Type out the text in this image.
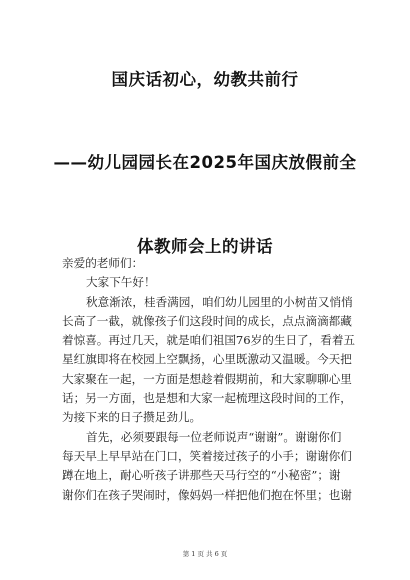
国庆话初心，幼教共前行
——幼儿园园长在2025年国庆放假前全
体教师会上的讲话
亲爱的老师们：
大家下午好！
秋意渐浓，桂香满园，咱们幼儿园里的小树苗又悄悄
长高了一截，就像孩子们这段时间的成长，点点滴滴都藏
着惊喜。再过几天，就是咱们祖国76岁的生日了，看着五
星红旗即将在校园上空飘扬，心里既激动又温暖。今天把
大家聚在一起，一方面是想趁着假期前，和大家聊聊心里
话；另一方面，也是想和大家一起梳理这段时间的工作，
为接下来的日子攒足劲儿。
首先，必须要跟每一位老师说声“谢谢”。谢谢你们
每天早上早早站在门口，笑着接过孩子的小手；谢谢你们
蹲在地上，耐心听孩子讲那些天马行空的“小秘密”；谢
谢你们在孩子哭闹时，像妈妈一样把他们抱在怀里；也谢
第 1 页 共 6 页
